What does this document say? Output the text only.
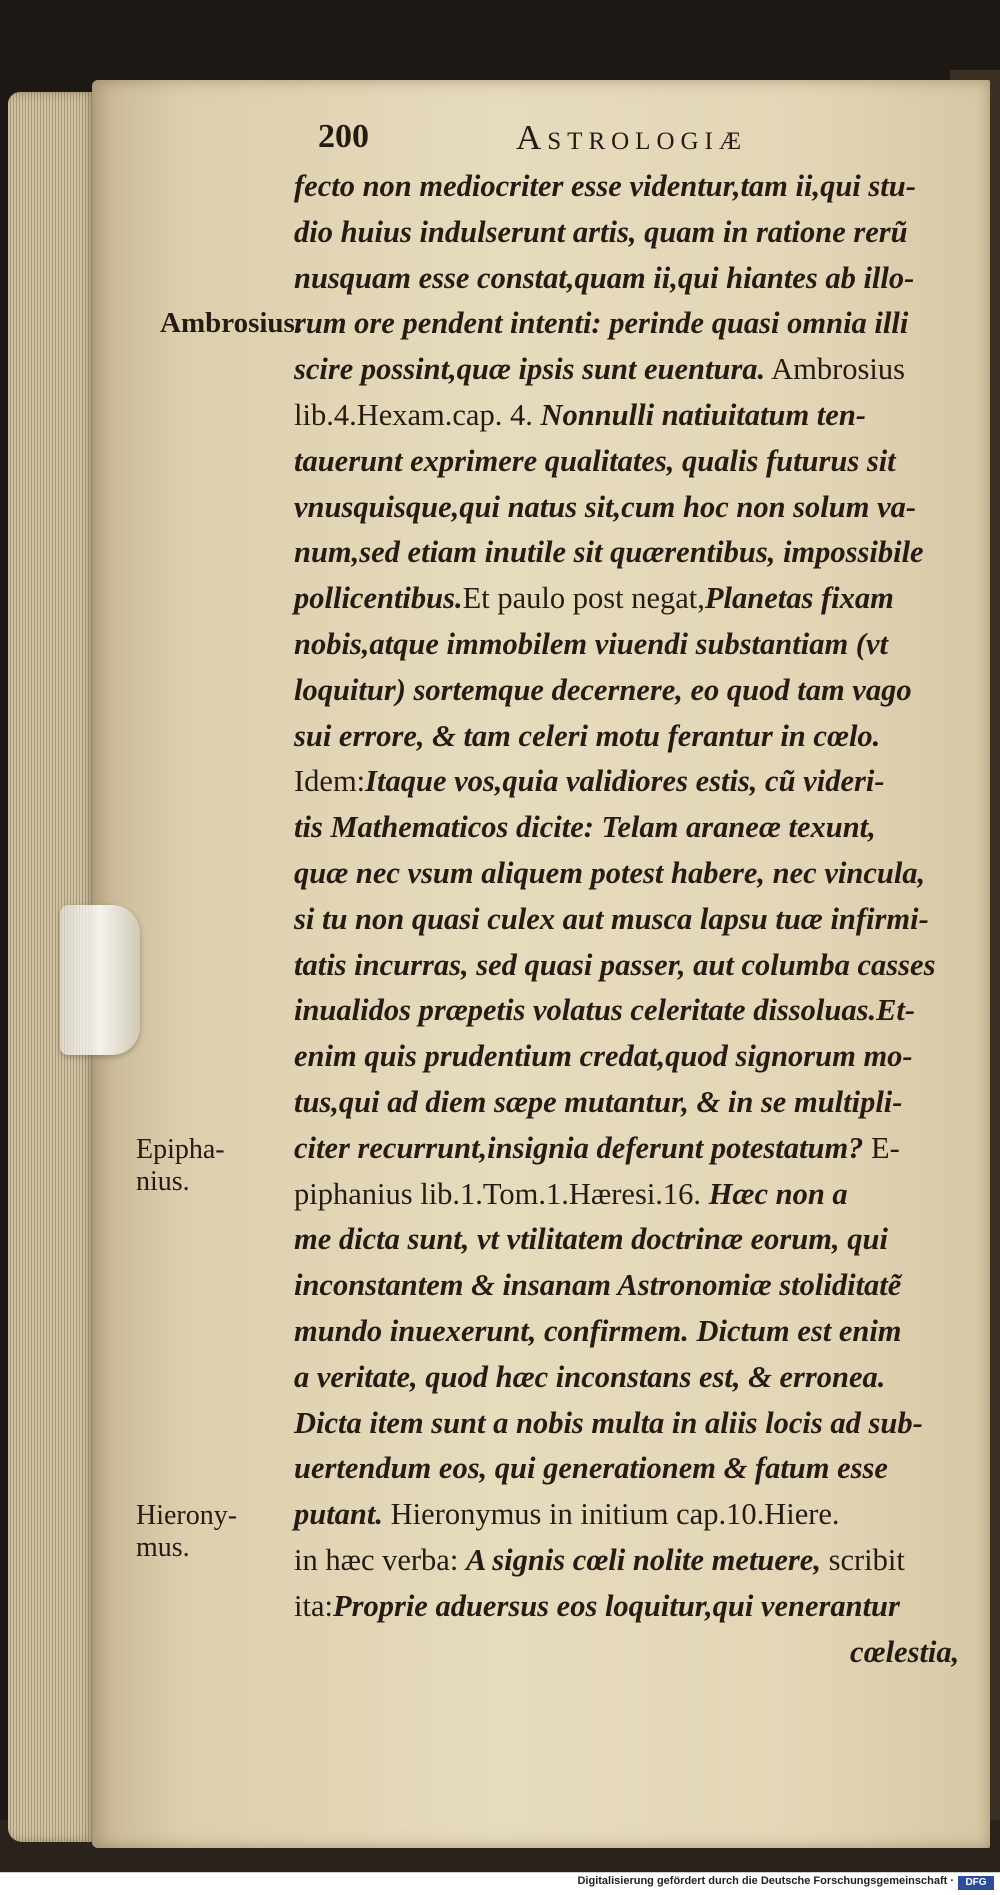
200	Astrologiæ
Ambrosius.
Epipha-
nius.
Hierony-
mus.
fecto non mediocriter esse videntur,tam ii,qui stu-
dio huius indulserunt artis, quam in ratione rerũ
nusquam esse constat,quam ii,qui hiantes ab illo-
rum ore pendent intenti: perinde quasi omnia illi
scire possint,quæ ipsis sunt euentura. Ambrosius
lib.4.Hexam.cap. 4. Nonnulli natiuitatum ten-
tauerunt exprimere qualitates, qualis futurus sit
vnusquisque,qui natus sit,cum hoc non solum va-
num,sed etiam inutile sit quærentibus, impossibile
pollicentibus.Et paulo post negat,Planetas fixam
nobis,atque immobilem viuendi substantiam (vt
loquitur) sortemque decernere, eo quod tam vago
sui errore, & tam celeri motu ferantur in cœlo.
Idem:Itaque vos,quia validiores estis, cũ videri-
tis Mathematicos dicite: Telam araneæ texunt,
quæ nec vsum aliquem potest habere, nec vincula,
si tu non quasi culex aut musca lapsu tuæ infirmi-
tatis incurras, sed quasi passer, aut columba casses
inualidos præpetis volatus celeritate dissoluas.Et-
enim quis prudentium credat,quod signorum mo-
tus,qui ad diem sæpe mutantur, & in se multipli-
citer recurrunt,insignia deferunt potestatum? E-
piphanius lib.1.Tom.1.Hæresi.16. Hæc non a
me dicta sunt, vt vtilitatem doctrinæ eorum, qui
inconstantem & insanam Astronomiæ stoliditatẽ
mundo inuexerunt, confirmem. Dictum est enim
a veritate, quod hæc inconstans est, & erronea.
Dicta item sunt a nobis multa in aliis locis ad sub-
uertendum eos, qui generationem & fatum esse
putant. Hieronymus in initium cap.10.Hiere.
in hæc verba: A signis cœli nolite metuere, scribit
ita:Proprie aduersus eos loquitur,qui venerantur
cœlestia,
Digitalisierung gefördert durch die Deutsche Forschungsgemeinschaft ·	DFG
